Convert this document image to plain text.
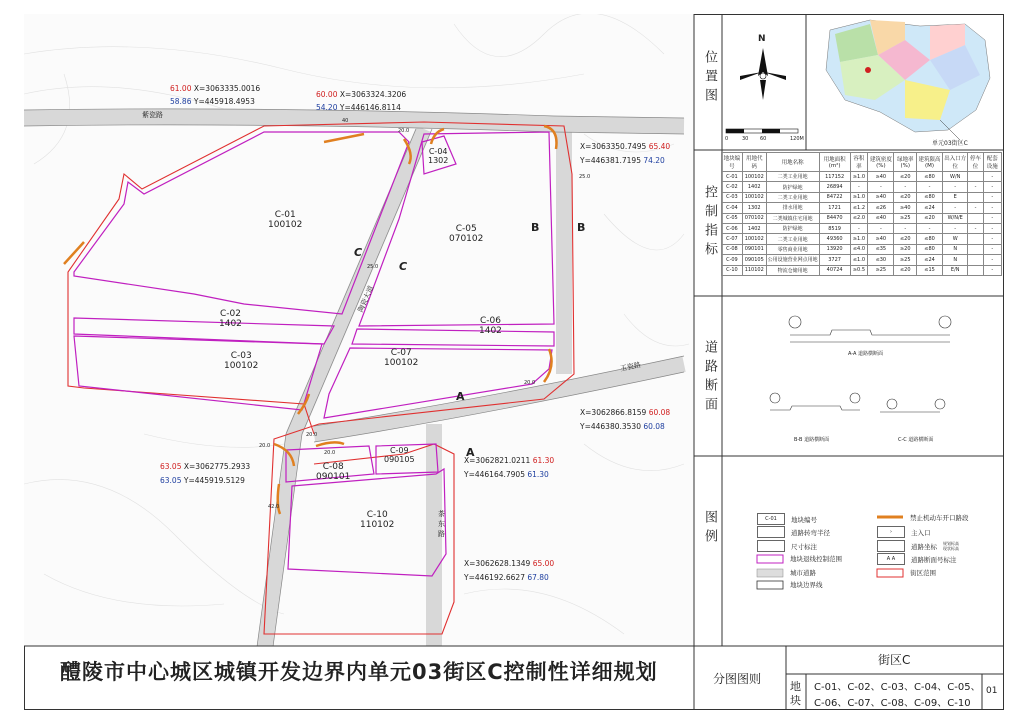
C-01
100102
C-02
1402
C-03
100102
C-04
1302
C-05
070102
C-06
1402
C-07
100102
C-08
090101
C-09
090105
C-10
110102
紫瓷路
玉瓷路
陶瓷大道
茶东路
B	B
C
C
A
A
40
20.0
25.0
20.0
20.0
20.0
25.0
20.0
42.0
61.00 X=3063335.0016
58.86 Y=445918.4953
60.00 X=3063324.3206
54.20 Y=446146.8114
X=3063350.7495 65.40
Y=446381.7195 74.20
X=3062866.8159 60.08
Y=446380.3530 60.08
X=3062821.0211 61.30
Y=446164.7905 61.30
63.05 X=3062775.2933
63.05 Y=445919.5129
X=3062628.1349 65.00
Y=446192.6627 67.80
位置图
控制指标
道路断面
图例
N
0	30 60	120M
单元03街区C
地块编号	用地代码	用地名称	用地面积(m²)	容积率	建筑密度(%)	绿地率(%)	建筑限高(M)	出入口方位	停车位	配套设施
C-01	100102	二类工业用地	117152	≥1.0	≥40	≤20	≤80	W/N		-
C-02	1402	防护绿地	26894	-	-	-	-	-	-	-
C-03	100102	二类工业用地	84722	≥1.0	≥40	≤20	≤80	E		-
C-04	1302	排水用地	1721	≤1.2	≤26	≥40	≤24	-	-	-
C-05	070102	二类城镇住宅用地	84470	≤2.0	≤40	≥25	≤20	W/N/E		-
C-06	1402	防护绿地	8519	-	-	-	-	-	-	-
C-07	100102	二类工业用地	49360	≥1.0	≥40	≤20	≤80	W		-
C-08	090101	零售商业用地	13920	≤4.0	≤35	≥20	≤80	N		-
C-09	090105	公用设施营业网点用地	3727	≤1.0	≤30	≥25	≤24	N		-
C-10	110102	物流仓储用地	40724	≥0.5	≥25	≤20	≤15	E/N		-
A-A 道路横断面
B-B 道路横断面	C-C 道路横断面
C-01	地块编号
道路转弯半径
尺寸标注
地块退线控制范围
城市道路
地块边界线
禁止机动车开口路段
›	主入口
道路坐标 规划标高
现状标高
A A	道路断面号标注
街区范围
醴陵市中心城区城镇开发边界内单元03街区C控制性详细规划	分图图则
街区C
地块
C-01、C-02、C-03、C-04、C-05、
C-06、C-07、C-08、C-09、C-10
01
